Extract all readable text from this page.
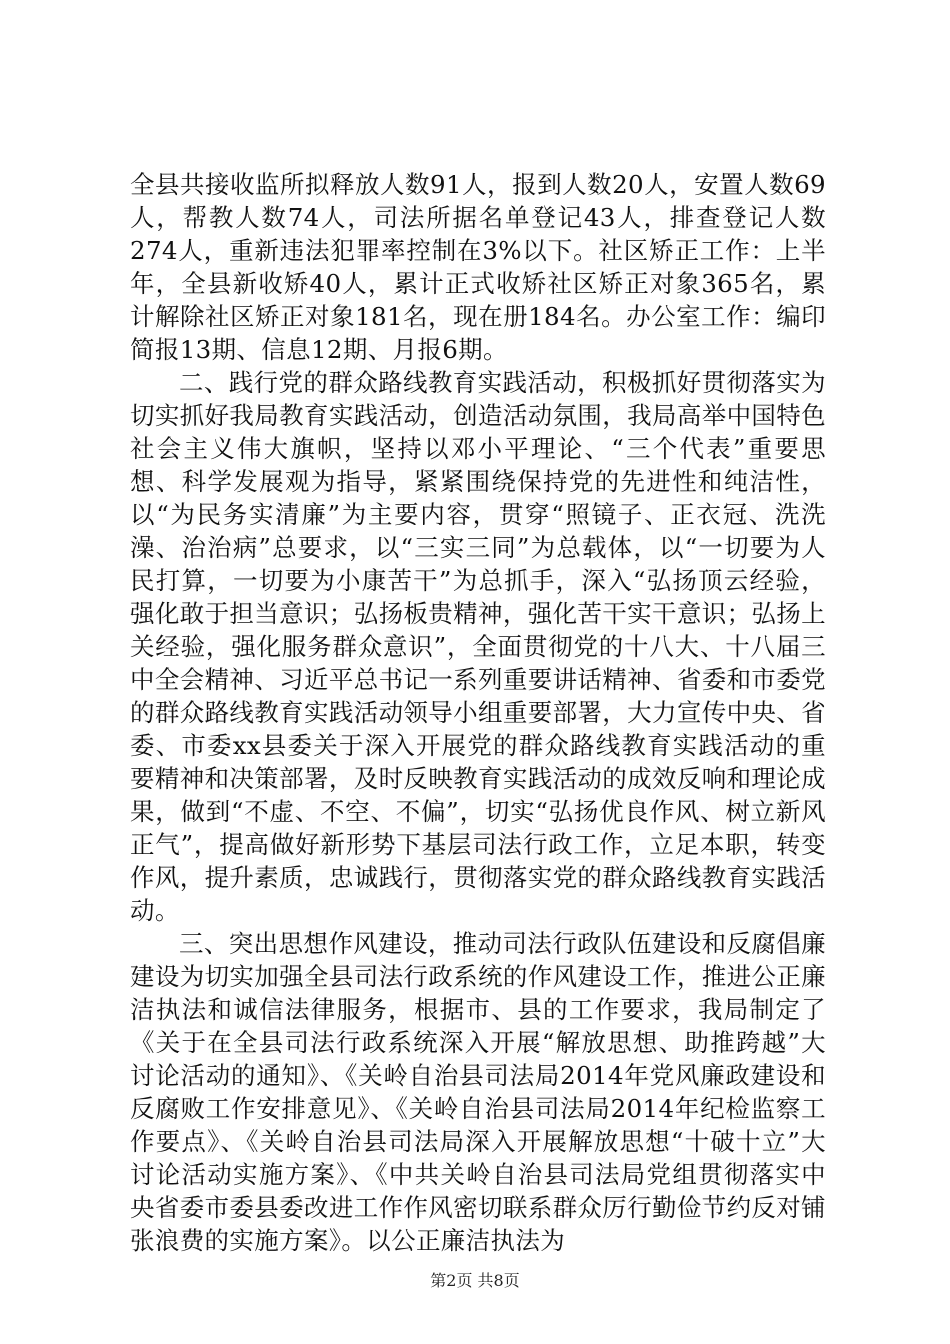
全县共接收监所拟释放人数91人，报到人数20人，安置人数69人，帮教人数74人，司法所据名单登记43人，排查登记人数274人，重新违法犯罪率控制在3%以下。社区矫正工作：上半年，全县新收矫40人，累计正式收矫社区矫正对象365名，累计解除社区矫正对象181名，现在册184名。办公室工作：编印简报13期、信息12期、月报6期。

二、践行党的群众路线教育实践活动，积极抓好贯彻落实为切实抓好我局教育实践活动，创造活动氛围，我局高举中国特色社会主义伟大旗帜，坚持以邓小平理论、“三个代表”重要思想、科学发展观为指导，紧紧围绕保持党的先进性和纯洁性，以“为民务实清廉”为主要内容，贯穿“照镜子、正衣冠、洗洗澡、治治病”总要求，以“三实三同”为总载体，以“一切要为人民打算，一切要为小康苦干”为总抓手，深入“弘扬顶云经验，强化敢于担当意识；弘扬板贵精神，强化苦干实干意识；弘扬上关经验，强化服务群众意识”，全面贯彻党的十八大、十八届三中全会精神、习近平总书记一系列重要讲话精神、省委和市委党的群众路线教育实践活动领导小组重要部署，大力宣传中央、省委、市委xx县委关于深入开展党的群众路线教育实践活动的重要精神和决策部署，及时反映教育实践活动的成效反响和理论成果，做到“不虚、不空、不偏”，切实“弘扬优良作风、树立新风正气”，提高做好新形势下基层司法行政工作，立足本职，转变作风，提升素质，忠诚践行，贯彻落实党的群众路线教育实践活动。

三、突出思想作风建设，推动司法行政队伍建设和反腐倡廉建设为切实加强全县司法行政系统的作风建设工作，推进公正廉洁执法和诚信法律服务，根据市、县的工作要求，我局制定了《关于在全县司法行政系统深入开展“解放思想、助推跨越”大讨论活动的通知》、《关岭自治县司法局2014年党风廉政建设和反腐败工作安排意见》、《关岭自治县司法局2014年纪检监察工作要点》、《关岭自治县司法局深入开展解放思想“十破十立”大讨论活动实施方案》、《中共关岭自治县司法局党组贯彻落实中央省委市委县委改进工作作风密切联系群众厉行勤俭节约反对铺张浪费的实施方案》。以公正廉洁执法为

第2页 共8页
